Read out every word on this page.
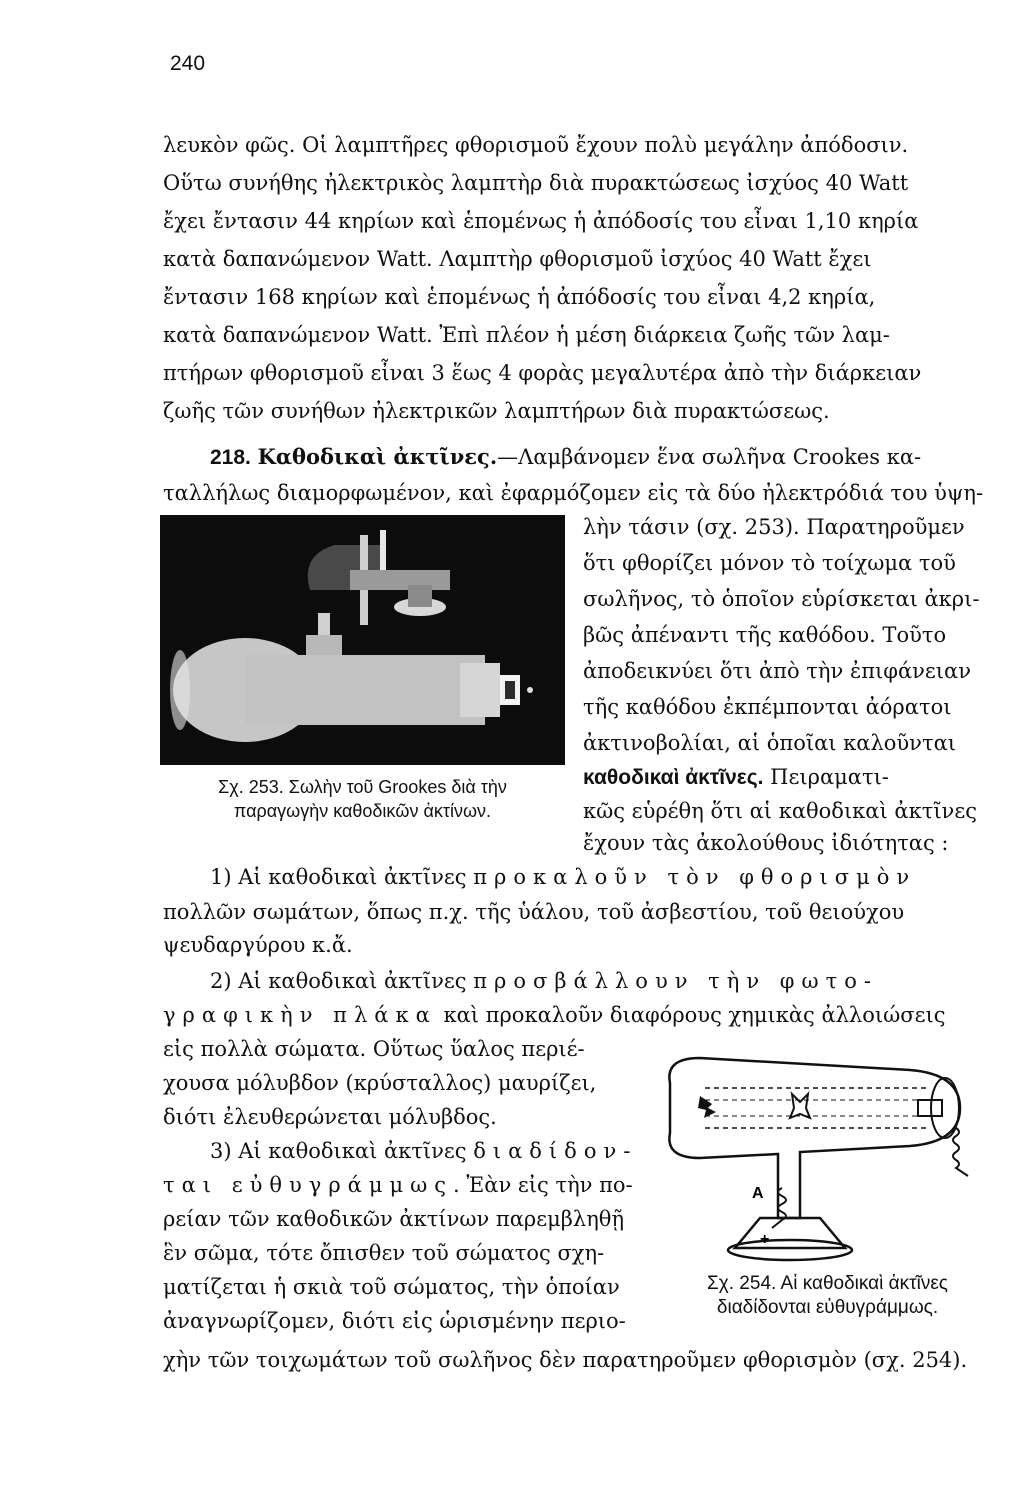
240
λευκὸν φῶς. Οἱ λαμπτῆρες φθορισμοῦ ἔχουν πολὺ μεγάλην ἀπόδοσιν.
Οὕτω συνήθης ἠλεκτρικὸς λαμπτὴρ διὰ πυρακτώσεως ἰσχύος 40 Watt
ἔχει ἔντασιν 44 κηρίων καὶ ἑπομένως ἡ ἀπόδοσίς του εἶναι 1,10 κηρία
κατὰ δαπανώμενον Watt. Λαμπτὴρ φθορισμοῦ ἰσχύος 40 Watt ἔχει
ἔντασιν 168 κηρίων καὶ ἑπομένως ἡ ἀπόδοσίς του εἶναι 4,2 κηρία,
κατὰ δαπανώμενον Watt. Ἐπὶ πλέον ἡ μέση διάρκεια ζωῆς τῶν λαμ-
πτήρων φθορισμοῦ εἶναι 3 ἕως 4 φορὰς μεγαλυτέρα ἀπὸ τὴν διάρκειαν
ζωῆς τῶν συνήθων ἠλεκτρικῶν λαμπτήρων διὰ πυρακτώσεως.
218. Καθοδικαὶ ἀκτῖνες.—Λαμβάνομεν ἕνα σωλῆνα Crookes κα-
ταλλήλως διαμορφωμένον, καὶ ἐφαρμόζομεν εἰς τὰ δύο ἠλεκτρόδιά του ὑψη-
λὴν τάσιν (σχ. 253). Παρατηροῦμεν
ὅτι φθορίζει μόνον τὸ τοίχωμα τοῦ
σωλῆνος, τὸ ὁποῖον εὑρίσκεται ἀκρι-
βῶς ἀπέναντι τῆς καθόδου. Τοῦτο
ἀποδεικνύει ὅτι ἀπὸ τὴν ἐπιφάνειαν
τῆς καθόδου ἐκπέμπονται ἀόρατοι
ἀκτινοβολίαι, αἱ ὁποῖαι καλοῦνται
καθοδικαὶ ἀκτῖνες. Πειραματι-
κῶς εὑρέθη ὅτι αἱ καθοδικαὶ ἀκτῖνες
ἔχουν τὰς ἀκολούθους ἰδιότητας :
Σχ. 253. Σωλὴν τοῦ Grookes διὰ τὴν
παραγωγὴν καθοδικῶν ἀκτίνων.
1) Αἱ καθοδικαὶ ἀκτῖνες προκαλοῦν τὸν φθορισμὸν
πολλῶν σωμάτων, ὅπως π.χ. τῆς ὑάλου, τοῦ ἀσβεστίου, τοῦ θειούχου
ψευδαργύρου κ.ἄ.
2) Αἱ καθοδικαὶ ἀκτῖνες προσβάλλουν τὴν φωτο-
γραφικὴν πλάκα καὶ προκαλοῦν διαφόρους χημικὰς ἀλλοιώσεις
εἰς πολλὰ σώματα. Οὕτως ὕαλος περιέ-
χουσα μόλυβδον (κρύσταλλος) μαυρίζει,
διότι ἐλευθερώνεται μόλυβδος.
3) Αἱ καθοδικαὶ ἀκτῖνες διαδίδον-
ται εὐθυγράμμως. Ἐὰν εἰς τὴν πο-
ρείαν τῶν καθοδικῶν ἀκτίνων παρεμβληθῇ
ἓν σῶμα, τότε ὄπισθεν τοῦ σώματος σχη-
ματίζεται ἡ σκιὰ τοῦ σώματος, τὴν ὁποίαν
ἀναγνωρίζομεν, διότι εἰς ὡρισμένην περιο-
χὴν τῶν τοιχωμάτων τοῦ σωλῆνος δὲν παρατηροῦμεν φθορισμὸν (σχ. 254).
A
+
Σχ. 254. Αἱ καθοδικαὶ ἀκτῖνες
διαδίδονται εὐθυγράμμως.
